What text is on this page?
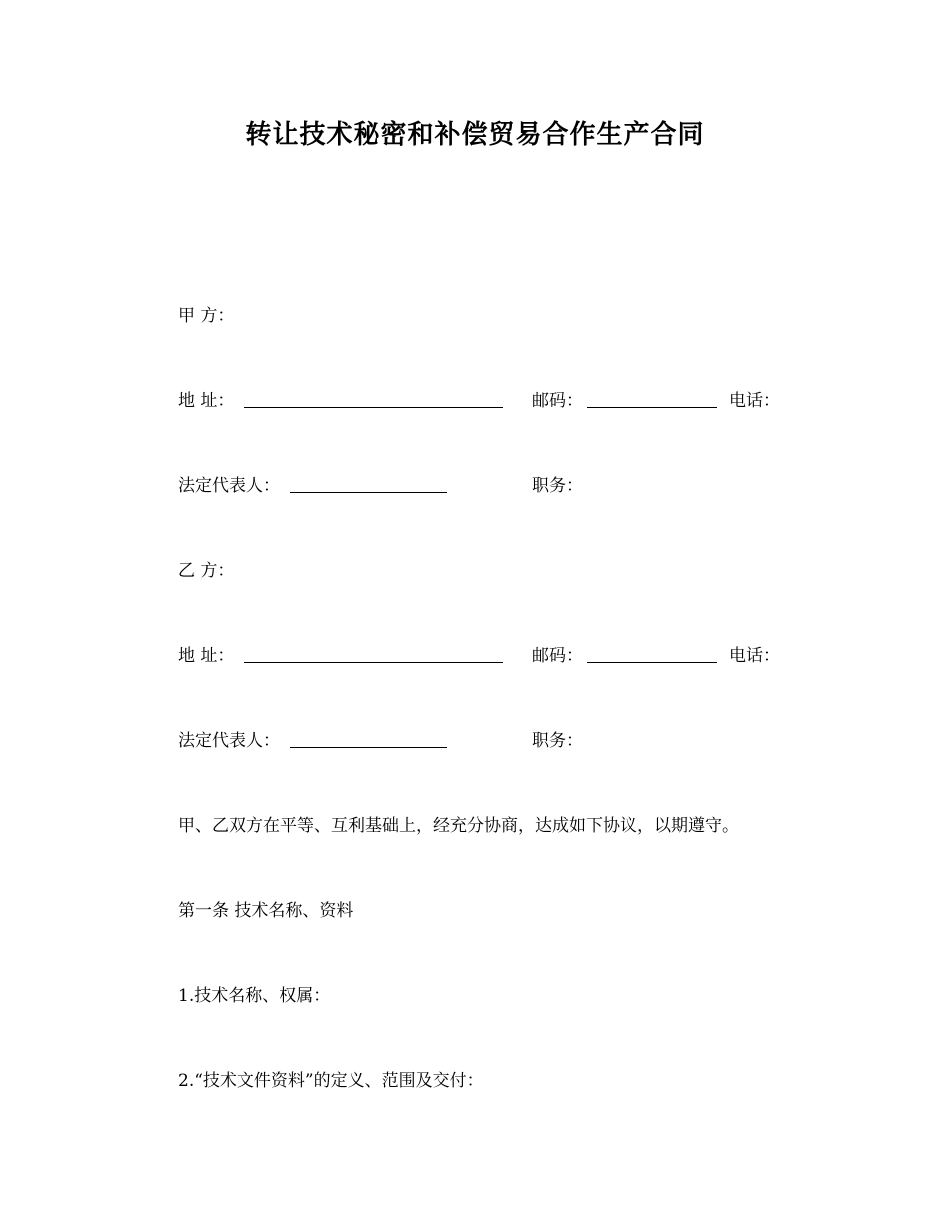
转让技术秘密和补偿贸易合作生产合同
甲 方：
地 址：	邮码：	电话：
法定代表人：	职务：
乙 方：
地 址：	邮码：	电话：
法定代表人：	职务：
甲、乙双方在平等、互利基础上，经充分协商，达成如下协议，以期遵守。
第一条 技术名称、资料
1.技术名称、权属：
2.“技术文件资料”的定义、范围及交付：
